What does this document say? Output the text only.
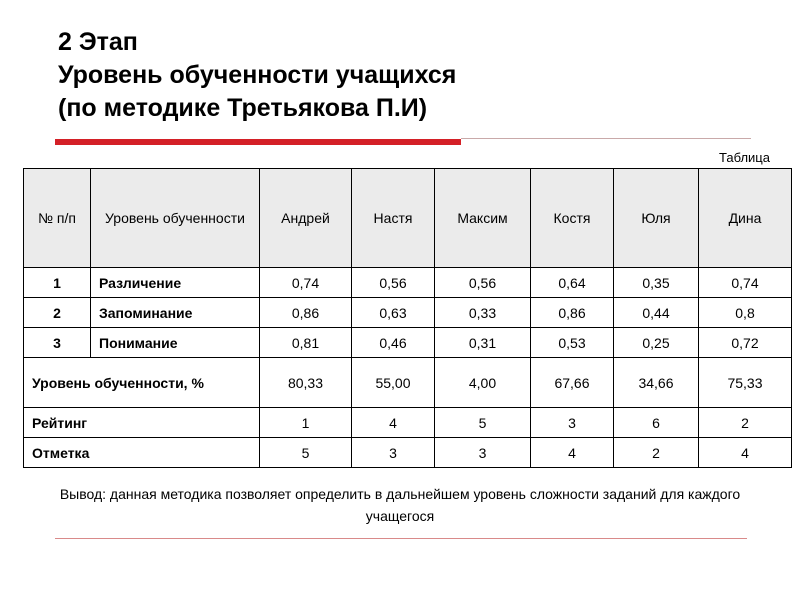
2 Этап
Уровень обученности учащихся
(по методике Третьякова П.И)
Таблица
№ п/п	Уровень обученности	Андрей	Настя	Максим	Костя	Юля	Дина
1	Различение	0,74	0,56	0,56	0,64	0,35	0,74
2	Запоминание	0,86	0,63	0,33	0,86	0,44	0,8
3	Понимание	0,81	0,46	0,31	0,53	0,25	0,72
Уровень обученности, %		80,33	55,00	4,00	67,66	34,66	75,33
Рейтинг		1	4	5	3	6	2
Отметка		5	3	3	4	2	4
Вывод: данная методика позволяет определить в дальнейшем уровень сложности заданий для каждого учащегося
